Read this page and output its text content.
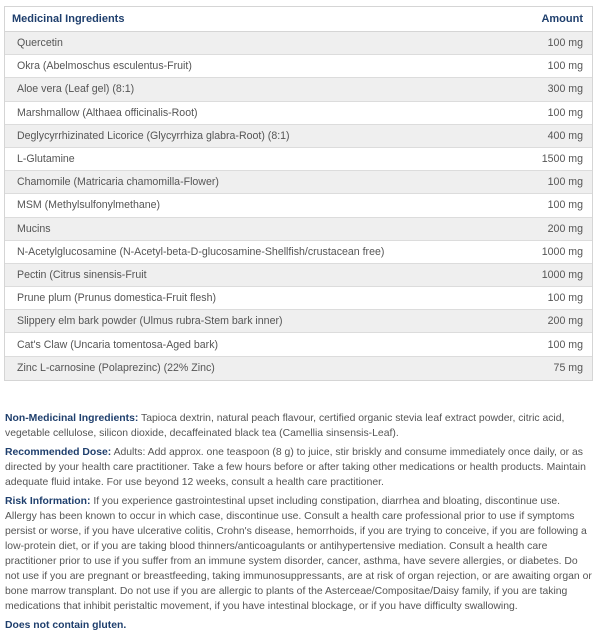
Medicinal Ingredients	Amount
Quercetin	100 mg
Okra (Abelmoschus esculentus-Fruit)	100 mg
Aloe vera (Leaf gel) (8:1)	300 mg
Marshmallow (Althaea officinalis-Root)	100 mg
Deglycyrrhizinated Licorice (Glycyrrhiza glabra-Root) (8:1)	400 mg
L-Glutamine	1500 mg
Chamomile (Matricaria chamomilla-Flower)	100 mg
MSM (Methylsulfonylmethane)	100 mg
Mucins	200 mg
N-Acetylglucosamine (N-Acetyl-beta-D-glucosamine-Shellfish/crustacean free)	1000 mg
Pectin (Citrus sinensis-Fruit	1000 mg
Prune plum (Prunus domestica-Fruit flesh)	100 mg
Slippery elm bark powder (Ulmus rubra-Stem bark inner)	200 mg
Cat's Claw (Uncaria tomentosa-Aged bark)	100 mg
Zinc L-carnosine (Polaprezinc) (22% Zinc)	75 mg

Non-Medicinal Ingredients: Tapioca dextrin, natural peach flavour, certified organic stevia leaf extract powder, citric acid, vegetable cellulose, silicon dioxide, decaffeinated black tea (Camellia sinsensis-Leaf).

Recommended Dose: Adults: Add approx. one teaspoon (8 g) to juice, stir briskly and consume immediately once daily, or as directed by your health care practitioner. Take a few hours before or after taking other medications or health products. Maintain adequate fluid intake. For use beyond 12 weeks, consult a health care practitioner.

Risk Information: If you experience gastrointestinal upset including constipation, diarrhea and bloating, discontinue use. Allergy has been known to occur in which case, discontinue use. Consult a health care professional prior to use if symptoms persist or worse, if you have ulcerative colitis, Crohn's disease, hemorrhoids, if you are trying to conceive, if you are following a low-protein diet, or if you are taking blood thinners/anticoagulants or antihypertensive mediation. Consult a health care practitioner prior to use if you suffer from an immune system disorder, cancer, asthma, have severe allergies, or diabetes. Do not use if you are pregnant or breastfeeding, taking immunosuppressants, are at risk of organ rejection, or are awaiting organ or bone marrow transplant. Do not use if you are allergic to plants of the Asterceae/Compositae/Daisy family, if you are taking medications that inhibit peristaltic movement, if you have intestinal blockage, or if you have difficulty swallowing.

Does not contain gluten.
